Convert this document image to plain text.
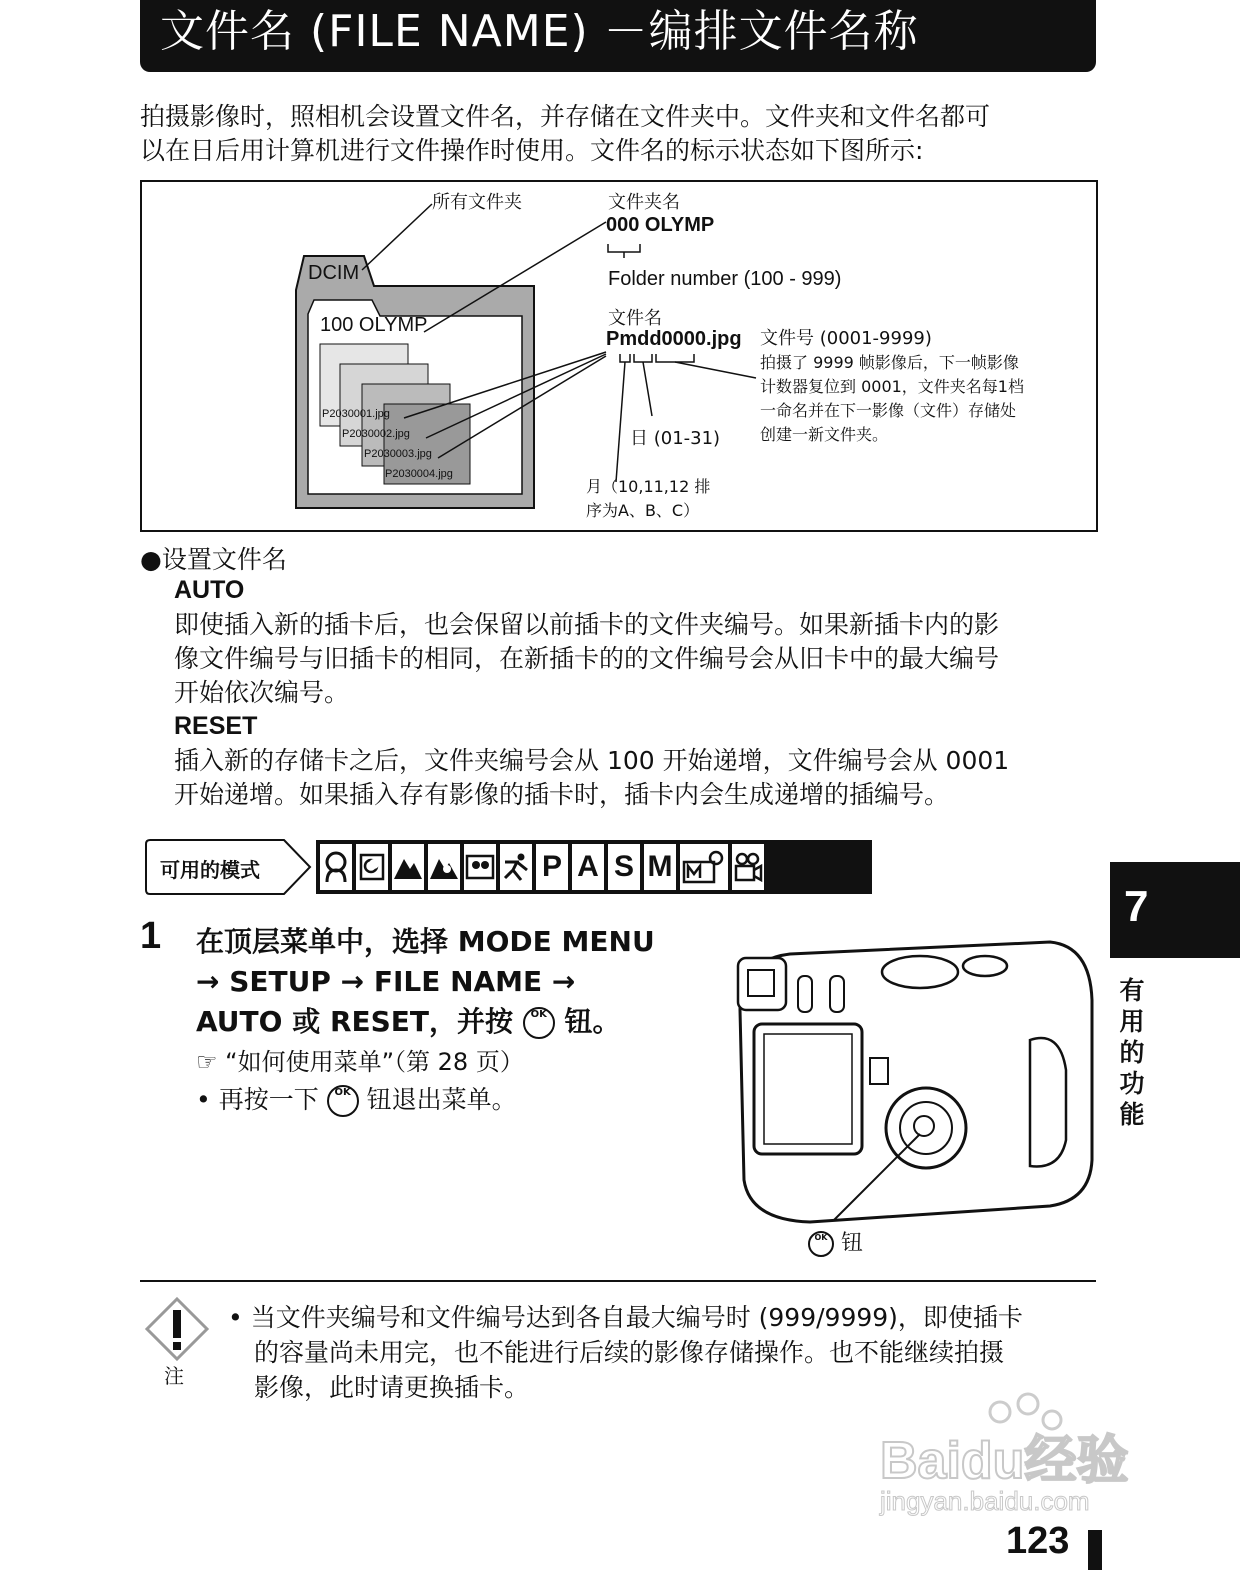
文件名 (FILE NAME) －编排文件名称

拍摄影像时，照相机会设置文件名，并存储在文件夹中。文件夹和文件名都可

以在日后用计算机进行文件操作时使用。文件名的标示状态如下图所示:

所有文件夹
DCIM
100 OLYMP
P2030001.jpg
P2030002.jpg
P2030003.jpg
P2030004.jpg
文件夹名
000 OLYMP
Folder number (100 - 999)
文件名
Pmdd0000.jpg 文件号 (0001-9999)
拍摄了 9999 帧影像后，下一帧影像
计数器复位到 0001，文件夹名每1档
一命名并在下一影像（文件）存储处
创建一新文件夹。
日 (01-31)
月（10,11,12 排
序为A、B、C）
●设置文件名
AUTO

即使插入新的插卡后，也会保留以前插卡的文件夹编号。如果新插卡内的影

像文件编号与旧插卡的相同，在新插卡的的文件编号会从旧卡中的最大编号

开始依次编号。

RESET

插入新的存储卡之后，文件夹编号会从 100 开始递增，文件编号会从 0001

开始递增。如果插入存有影像的插卡时，插卡内会生成递增的插编号。

可用的模式	P A S M
1 在顶层菜单中，选择 MODE MENU
→ SETUP → FILE NAME →
AUTO 或 RESET，并按 OK 钮。
☞ “如何使用菜单”（第 28 页）
• 再按一下 OK 钮退出菜单。
OK 钮
7
有用的功能
注

• 当文件夹编号和文件编号达到各自最大编号时 (999/9999)，即使插卡

的容量尚未用完，也不能进行后续的影像存储操作。也不能继续拍摄

影像，此时请更换插卡。

Baidu经验
jingyan.baidu.com
123
